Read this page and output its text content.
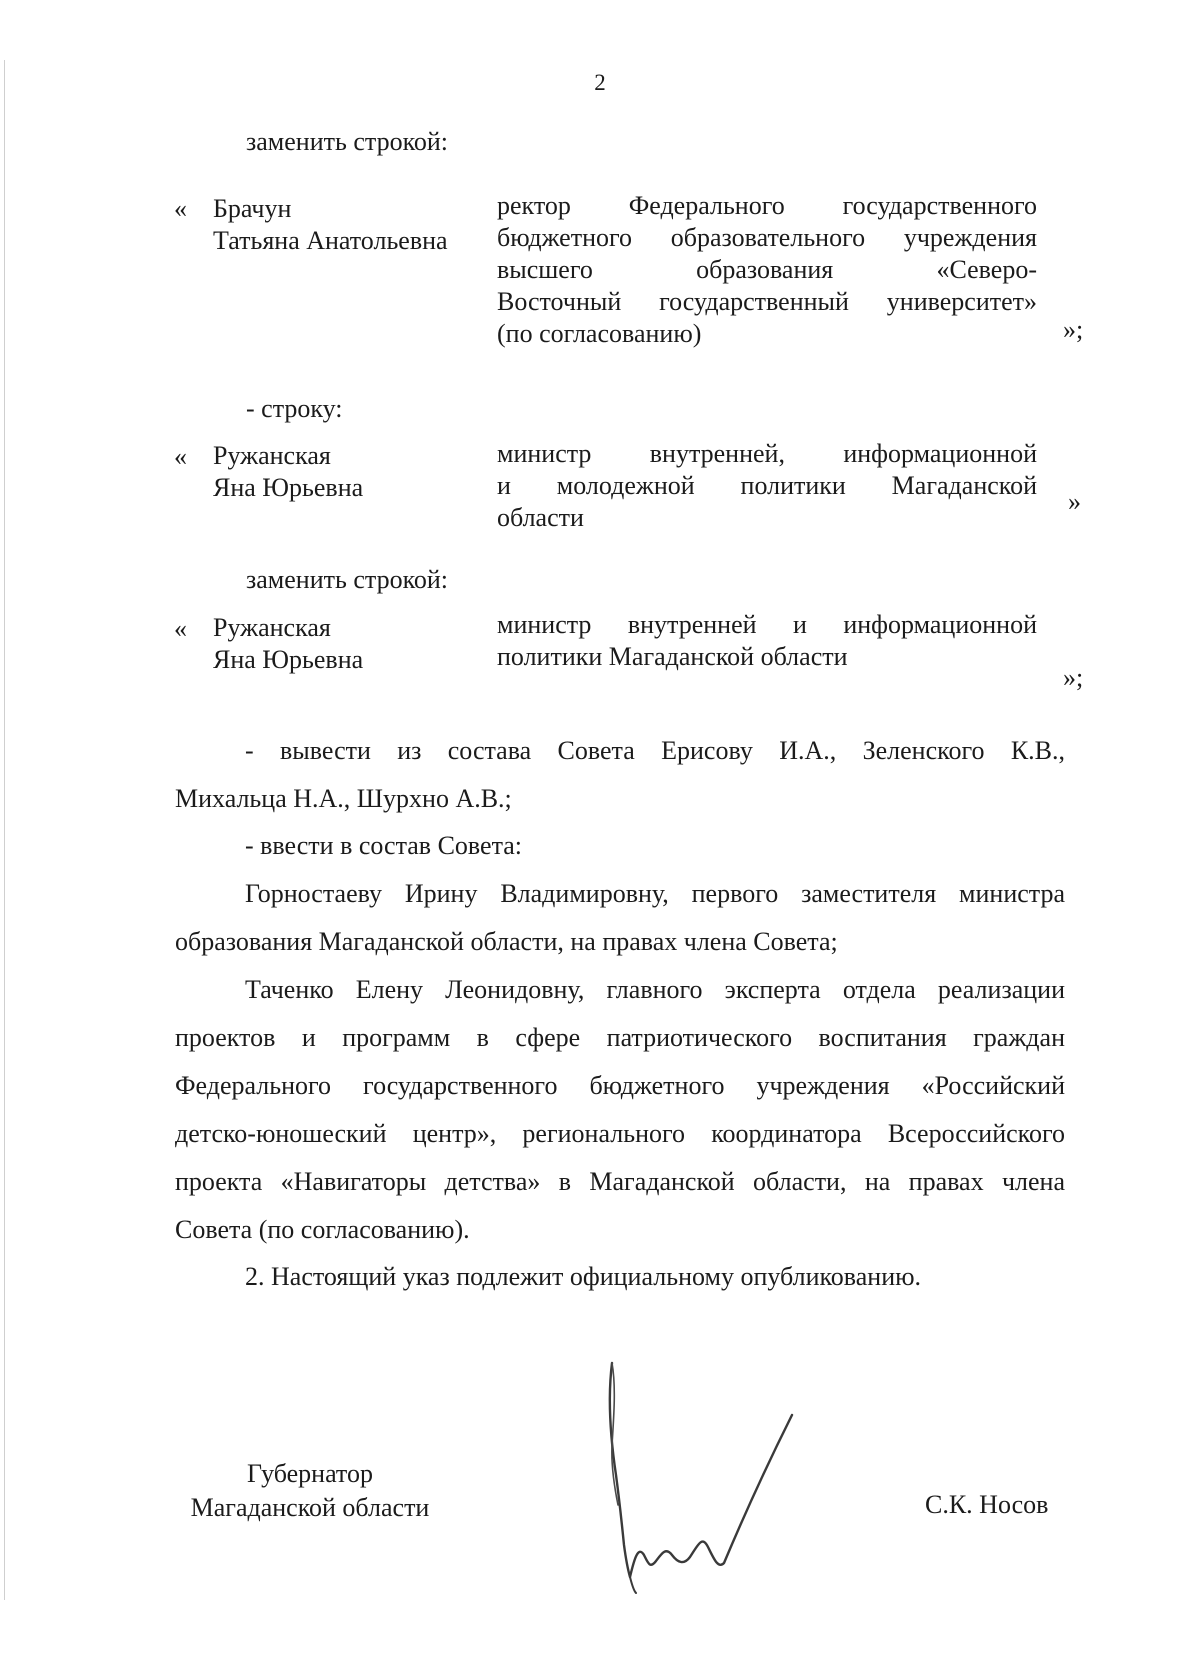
2
заменить строкой:
« Брачун
Татьяна Анатольевна
ректор Федерального государственного
бюджетного образовательного учреждения
высшего образования «Северо-
Восточный государственный университет»
(по согласованию)	»;
- строку:
« Ружанская
Яна Юрьевна
министр внутренней, информационной
и молодежной политики Магаданской
области
»
заменить строкой:
« Ружанская
Яна Юрьевна
министр внутренней и информационной
политики Магаданской области
»;
- вывести из состава Совета Ерисову И.А., Зеленского К.В.,
Михальца Н.А., Шурхно А.В.;
- ввести в состав Совета:
Горностаеву Ирину Владимировну, первого заместителя министра
образования Магаданской области, на правах члена Совета;
Таченко Елену Леонидовну, главного эксперта отдела реализации
проектов и программ в сфере патриотического воспитания граждан
Федерального государственного бюджетного учреждения «Российский
детско-юношеский центр», регионального координатора Всероссийского
проекта «Навигаторы детства» в Магаданской области, на правах члена
Совета (по согласованию).
2. Настоящий указ подлежит официальному опубликованию.
Губернатор
Магаданской области	С.К. Носов
